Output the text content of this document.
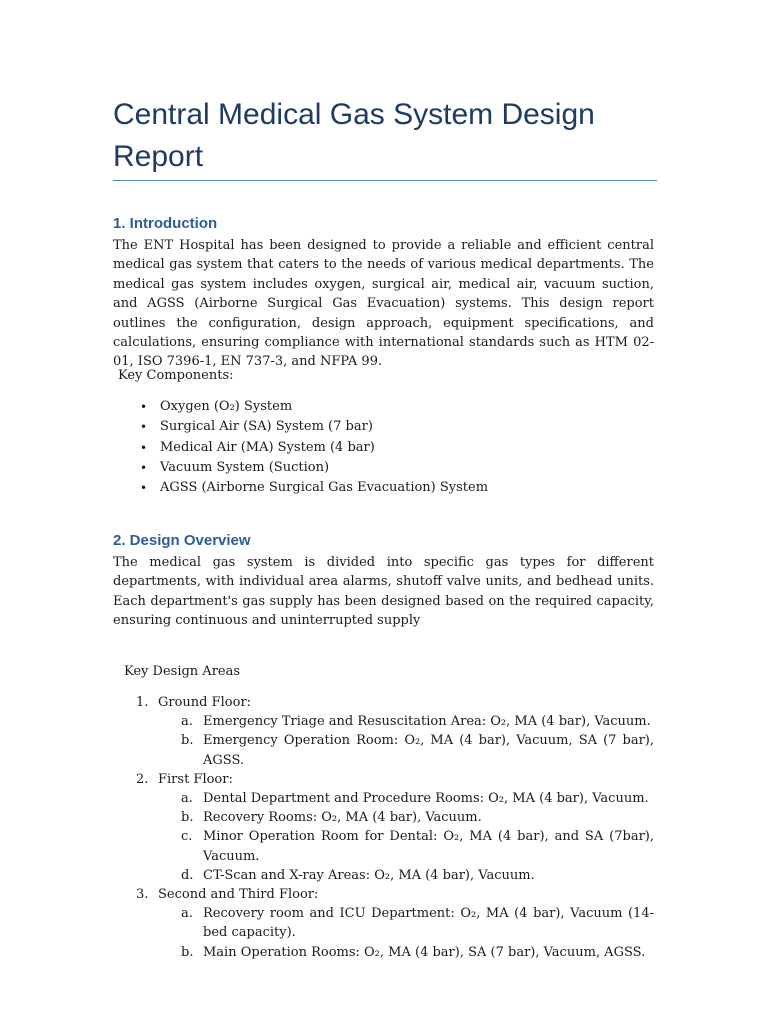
Central Medical Gas System Design Report
1. Introduction

The ENT Hospital has been designed to provide a reliable and efficient central medical gas system that caters to the needs of various medical departments. The medical gas system includes oxygen, surgical air, medical air, vacuum suction, and AGSS (Airborne Surgical Gas Evacuation) systems. This design report outlines the configuration, design approach, equipment specifications, and calculations, ensuring compliance with international standards such as HTM 02-01, ISO 7396-1, EN 737-3, and NFPA 99.

Key Components:

• Oxygen (O₂) System
• Surgical Air (SA) System (7 bar)
• Medical Air (MA) System (4 bar)
• Vacuum System (Suction)
• AGSS (Airborne Surgical Gas Evacuation) System
2. Design Overview

The medical gas system is divided into specific gas types for different departments, with individual area alarms, shutoff valve units, and bedhead units. Each department's gas supply has been designed based on the required capacity, ensuring continuous and uninterrupted supply

Key Design Areas

1. Ground Floor:
a. Emergency Triage and Resuscitation Area: O₂, MA (4 bar), Vacuum.
b. Emergency Operation Room: O₂, MA (4 bar), Vacuum, SA (7 bar), AGSS.
2. First Floor:
a. Dental Department and Procedure Rooms: O₂, MA (4 bar), Vacuum.
b. Recovery Rooms: O₂, MA (4 bar), Vacuum.
c. Minor Operation Room for Dental: O₂, MA (4 bar), and SA (7bar), Vacuum.
d. CT-Scan and X-ray Areas: O₂, MA (4 bar), Vacuum.
3. Second and Third Floor:
a. Recovery room and ICU Department: O₂, MA (4 bar), Vacuum (14-bed capacity).
b. Main Operation Rooms: O₂, MA (4 bar), SA (7 bar), Vacuum, AGSS.
